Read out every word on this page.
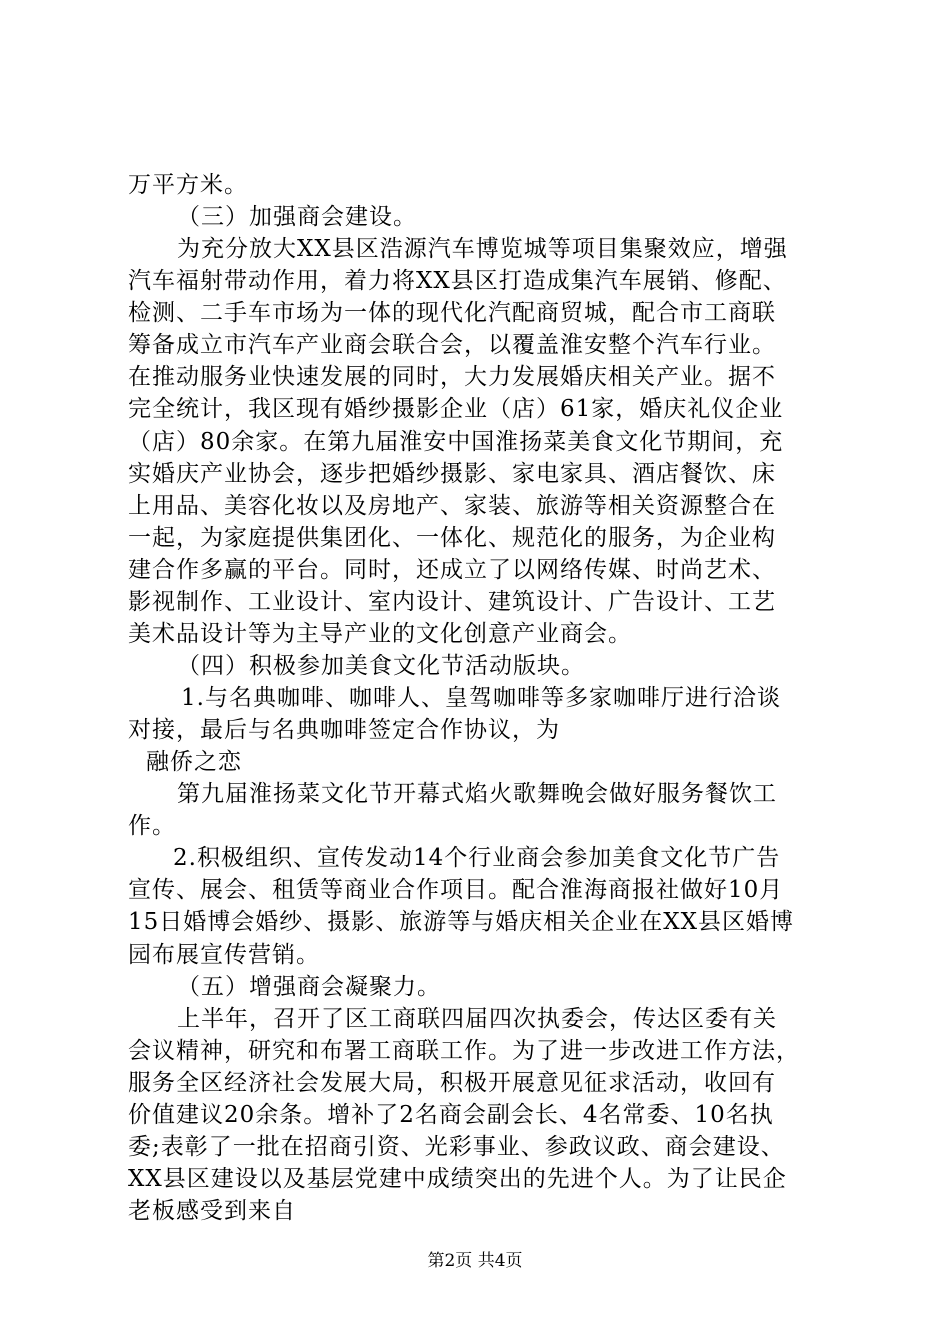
万平方米。
（三）加强商会建设。
为充分放大XX县区浩源汽车博览城等项目集聚效应，增强
汽车福射带动作用，着力将XX县区打造成集汽车展销、修配、
检测、二手车市场为一体的现代化汽配商贸城，配合市工商联
筹备成立市汽车产业商会联合会，以覆盖淮安整个汽车行业。
在推动服务业快速发展的同时，大力发展婚庆相关产业。据不
完全统计，我区现有婚纱摄影企业（店）61家，婚庆礼仪企业
（店）80余家。在第九届淮安中国淮扬菜美食文化节期间，充
实婚庆产业协会，逐步把婚纱摄影、家电家具、酒店餐饮、床
上用品、美容化妆以及房地产、家装、旅游等相关资源整合在
一起，为家庭提供集团化、一体化、规范化的服务，为企业构
建合作多赢的平台。同时，还成立了以网络传媒、时尚艺术、
影视制作、工业设计、室内设计、建筑设计、广告设计、工艺
美术品设计等为主导产业的文化创意产业商会。
（四）积极参加美食文化节活动版块。
1.与名典咖啡、咖啡人、皇驾咖啡等多家咖啡厅进行洽谈
对接，最后与名典咖啡签定合作协议，为
融侨之恋
第九届淮扬菜文化节开幕式焰火歌舞晚会做好服务餐饮工
作。
2.积极组织、宣传发动14个行业商会参加美食文化节广告
宣传、展会、租赁等商业合作项目。配合淮海商报社做好10月
15日婚博会婚纱、摄影、旅游等与婚庆相关企业在XX县区婚博
园布展宣传营销。
（五）增强商会凝聚力。
上半年，召开了区工商联四届四次执委会，传达区委有关
会议精神，研究和布署工商联工作。为了进一步改进工作方法，
服务全区经济社会发展大局，积极开展意见征求活动，收回有
价值建议20余条。增补了2名商会副会长、4名常委、10名执
委;表彰了一批在招商引资、光彩事业、参政议政、商会建设、
XX县区建设以及基层党建中成绩突出的先进个人。为了让民企
老板感受到来自
第2页 共4页
